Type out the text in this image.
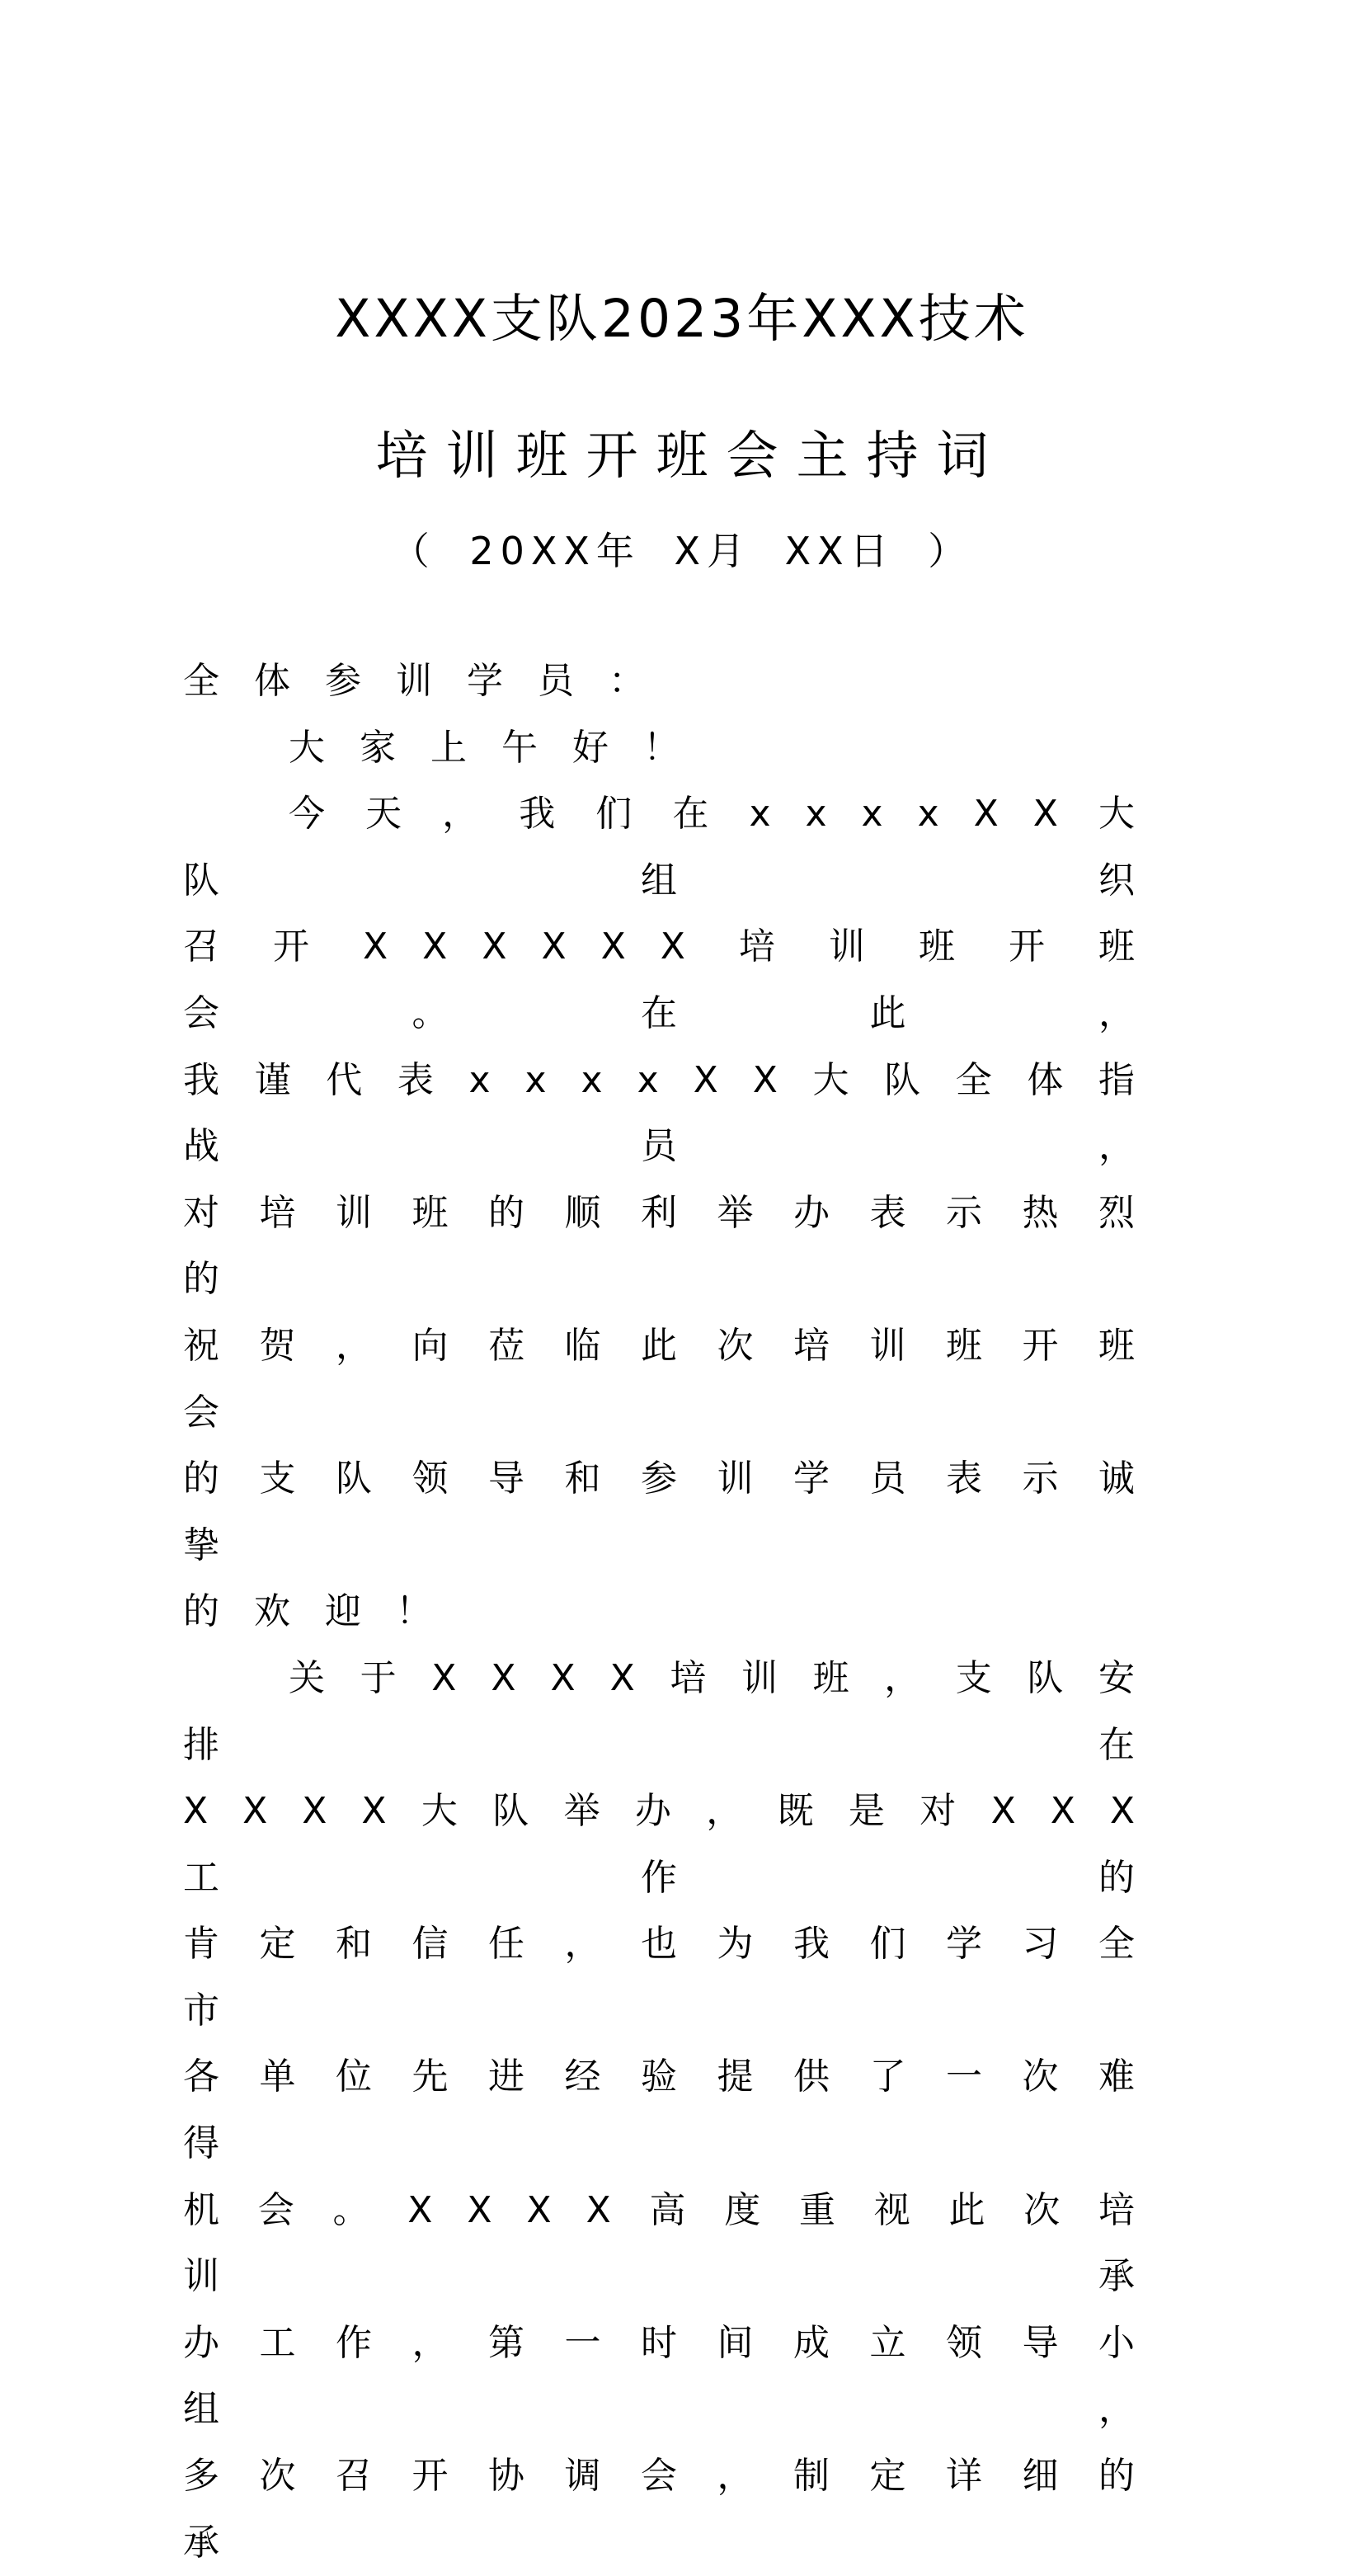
XXXX支队2023年XXX技术
培训班开班会主持词
（ 20XX年 X月 XX日 ）

全体参训学员：

大家上午好！

今天，我们在xxxxXX大队组织

召开XXXXXX培训班开班会。在此，

我谨代表xxxxXX大队全体指战员，

对培训班的顺利举办表示热烈的

祝贺，向莅临此次培训班开班会

的支队领导和参训学员表示诚挚

的欢迎！

关于XXXX培训班，支队安排在

XXXX大队举办，既是对XXX工作的

肯定和信任，也为我们学习全市

各单位先进经验提供了一次难得

机会。XXXX高度重视此次培训承

办工作，第一时间成立领导小组，

多次召开协调会，制定详细的承
